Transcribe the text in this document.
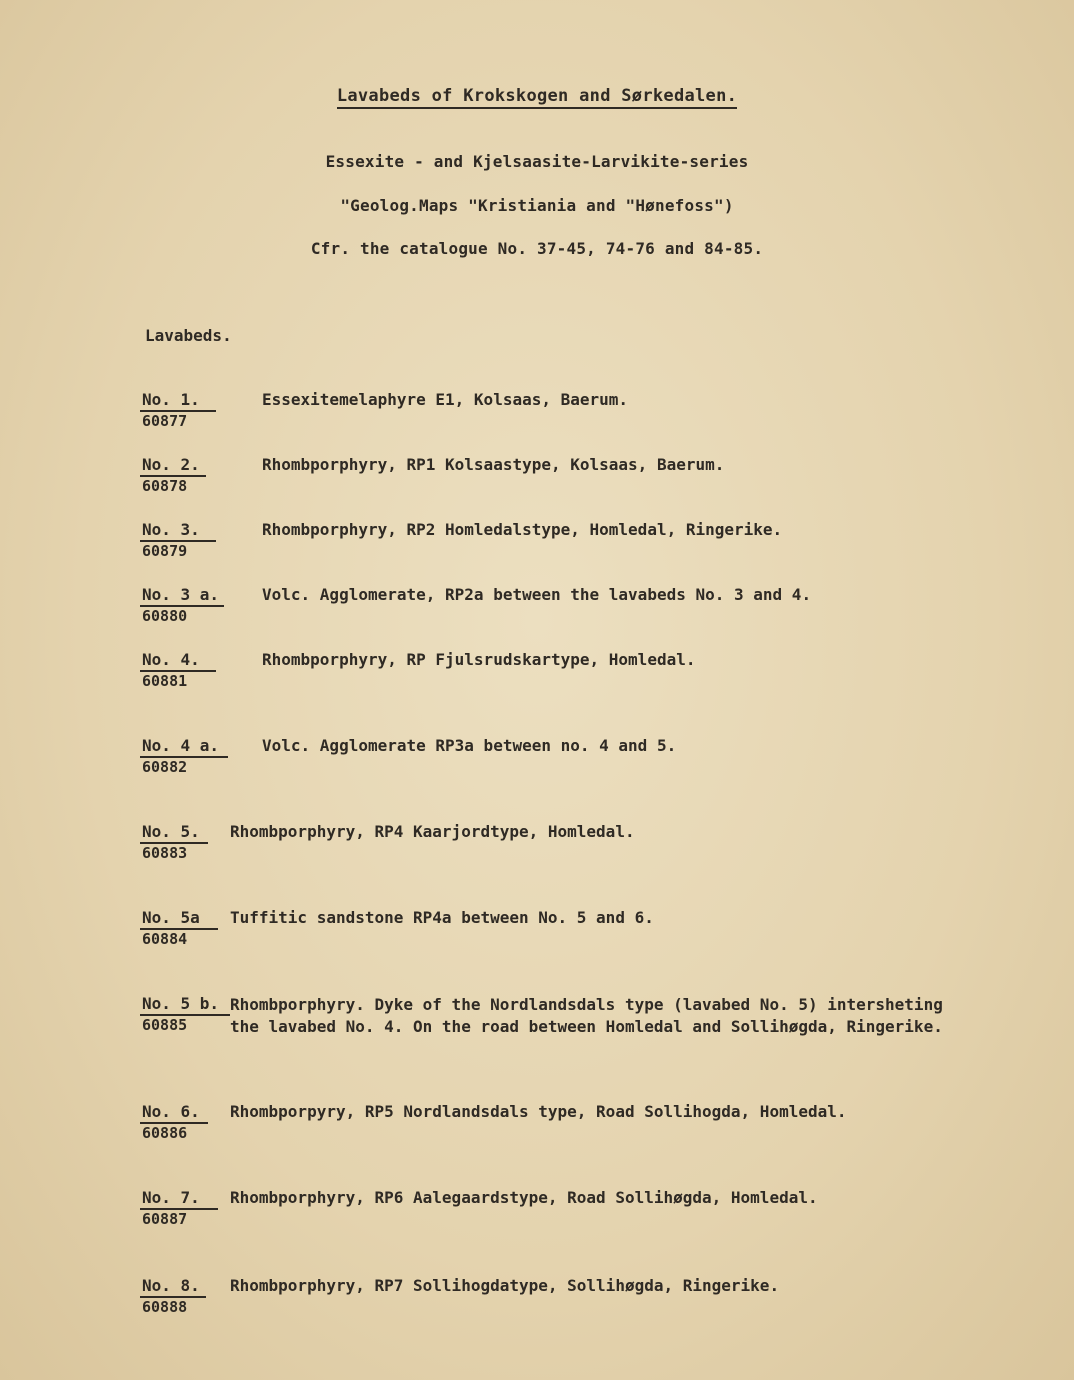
Lavabeds of Krokskogen and Sørkedalen.
Essexite - and Kjelsaasite-Larvikite-series
"Geolog.Maps "Kristiania and "Hønefoss")
Cfr. the catalogue No. 37-45, 74-76 and 84-85.
Lavabeds.
No. 1.
60877
Essexitemelaphyre E1, Kolsaas, Baerum.
No. 2.
60878
Rhombporphyry, RP1 Kolsaastype, Kolsaas, Baerum.
No. 3.
60879
Rhombporphyry, RP2 Homledalstype, Homledal, Ringerike.
No. 3 a.
60880
Volc. Agglomerate, RP2a between the lavabeds No. 3 and 4.
No. 4.
60881
Rhombporphyry, RP Fjulsrudskartype, Homledal.
No. 4 a.
60882
Volc. Agglomerate RP3a between no. 4 and 5.
No. 5.
60883
Rhombporphyry, RP4 Kaarjordtype, Homledal.
No. 5a
60884
Tuffitic sandstone RP4a between No. 5 and 6.
No. 5 b.
60885
Rhombporphyry. Dyke of the Nordlandsdals type (lavabed No. 5) intersheting the lavabed No. 4. On the road between Homledal and Sollihøgda, Ringerike.
No. 6.
60886
Rhombporpyry, RP5 Nordlandsdals type, Road Sollihogda, Homledal.
No. 7.
60887
Rhombporphyry, RP6 Aalegaardstype, Road Sollihøgda, Homledal.
No. 8.
60888
Rhombporphyry, RP7 Sollihogdatype, Sollihøgda, Ringerike.
